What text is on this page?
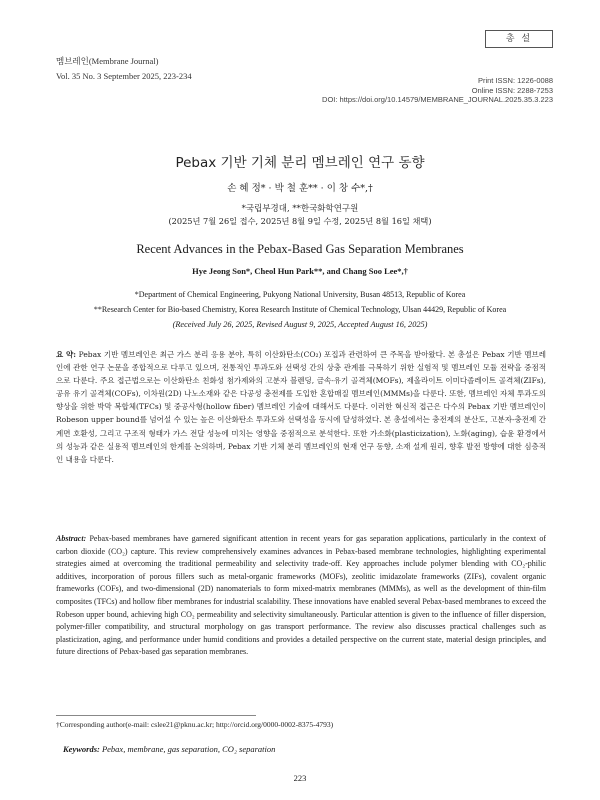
멤브레인(Membrane Journal)
Vol. 35 No. 3 September 2025, 223-234
총 설
Print ISSN: 1226-0088
Online ISSN: 2288-7253
DOI: https://doi.org/10.14579/MEMBRANE_JOURNAL.2025.35.3.223
Pebax 기반 기체 분리 멤브레인 연구 동향
손 혜 정* · 박 철 훈** · 이 창 수*,†
*국립부경대, **한국화학연구원
(2025년 7월 26일 접수, 2025년 8월 9일 수정, 2025년 8월 16일 채택)
Recent Advances in the Pebax-Based Gas Separation Membranes
Hye Jeong Son*, Cheol Hun Park**, and Chang Soo Lee*,†
*Department of Chemical Engineering, Pukyong National University, Busan 48513, Republic of Korea
**Research Center for Bio-based Chemistry, Korea Research Institute of Chemical Technology, Ulsan 44429, Republic of Korea
(Received July 26, 2025, Revised August 9, 2025, Accepted August 16, 2025)
요 약: Pebax 기반 멤브레인은 최근 가스 분리 응용 분야, 특히 이산화탄소(CO₂) 포집과 관련하여 큰 주목을 받아왔다. 본 총설은 Pebax 기반 멤브레인에 관한 연구 논문을 종합적으로 다루고 있으며, 전통적인 투과도와 선택성 간의 상충 관계를 극복하기 위한 실험적 및 멤브레인 모듈 전략을 중점적으로 다룬다. 주요 접근법으로는 이산화탄소 친화성 첨가제와의 고분자 블렌딩, 금속-유기 골격체(MOFs), 제올라이트 이미다졸레이트 골격체(ZIFs), 공유 유기 골격체(COFs), 이차원(2D) 나노소재와 같은 다공성 충전제를 도입한 혼합매질 멤브레인(MMMs)을 다룬다. 또한, 멤브레인 자체 투과도의 향상을 위한 박막 복합체(TFCs) 및 중공사형(hollow fiber) 멤브레인 기술에 대해서도 다룬다. 이러한 혁신적 접근은 다수의 Pebax 기반 멤브레인이 Robeson upper bound를 넘어설 수 있는 높은 이산화탄소 투과도와 선택성을 동시에 달성하였다. 본 총설에서는 충전제의 분산도, 고분자-충전제 간 계면 호환성, 그리고 구조적 형태가 가스 전달 성능에 미치는 영향을 중점적으로 분석한다. 또한 가소화(plasticization), 노화(aging), 습윤 환경에서의 성능과 같은 실용적 멤브레인의 한계를 논의하며, Pebax 기반 기체 분리 멤브레인의 현재 연구 동향, 소재 설계 원리, 향후 발전 방향에 대한 심층적인 내용을 다룬다.
Abstract: Pebax-based membranes have garnered significant attention in recent years for gas separation applications, particularly in the context of carbon dioxide (CO₂) capture. This review comprehensively examines advances in Pebax-based membrane technologies, highlighting experimental strategies aimed at overcoming the traditional permeability and selectivity trade-off. Key approaches include polymer blending with CO₂-philic additives, incorporation of porous fillers such as metal-organic frameworks (MOFs), zeolitic imidazolate frameworks (ZIFs), covalent organic frameworks (COFs), and two-dimensional (2D) nanomaterials to form mixed-matrix membranes (MMMs), as well as the development of thin-film composites (TFCs) and hollow fiber membranes for industrial scalability. These innovations have enabled several Pebax-based membranes to exceed the Robeson upper bound, achieving high CO₂ permeability and selectivity simultaneously. Particular attention is given to the influence of filler dispersion, polymer-filler compatibility, and structural morphology on gas transport performance. The review also discusses practical challenges such as plasticization, aging, and performance under humid conditions and provides a detailed perspective on the current state, material design principles, and future directions of Pebax-based gas separation membranes.
Keywords: Pebax, membrane, gas separation, CO₂ separation
†Corresponding author(e-mail: cslee21@pknu.ac.kr; http://orcid.org/0000-0002-8375-4793)
223
